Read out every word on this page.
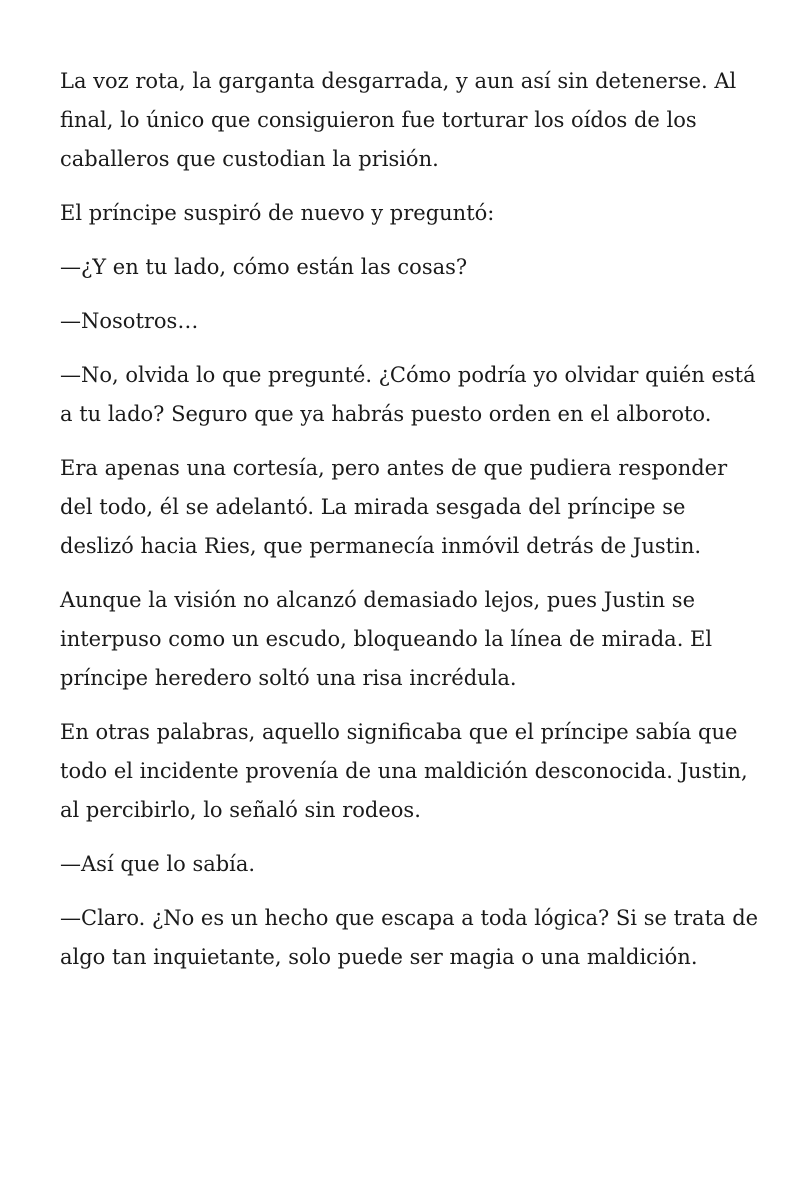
La voz rota, la garganta desgarrada, y aun así sin detenerse. Al final, lo único que consiguieron fue torturar los oídos de los caballeros que custodian la prisión.

El príncipe suspiró de nuevo y preguntó:

—¿Y en tu lado, cómo están las cosas?

—Nosotros…

—No, olvida lo que pregunté. ¿Cómo podría yo olvidar quién está a tu lado? Seguro que ya habrás puesto orden en el alboroto.

Era apenas una cortesía, pero antes de que pudiera responder del todo, él se adelantó. La mirada sesgada del príncipe se deslizó hacia Ries, que permanecía inmóvil detrás de Justin.

Aunque la visión no alcanzó demasiado lejos, pues Justin se interpuso como un escudo, bloqueando la línea de mirada. El príncipe heredero soltó una risa incrédula.

En otras palabras, aquello significaba que el príncipe sabía que todo el incidente provenía de una maldición desconocida. Justin, al percibirlo, lo señaló sin rodeos.

—Así que lo sabía.

—Claro. ¿No es un hecho que escapa a toda lógica? Si se trata de algo tan inquietante, solo puede ser magia o una maldición.
